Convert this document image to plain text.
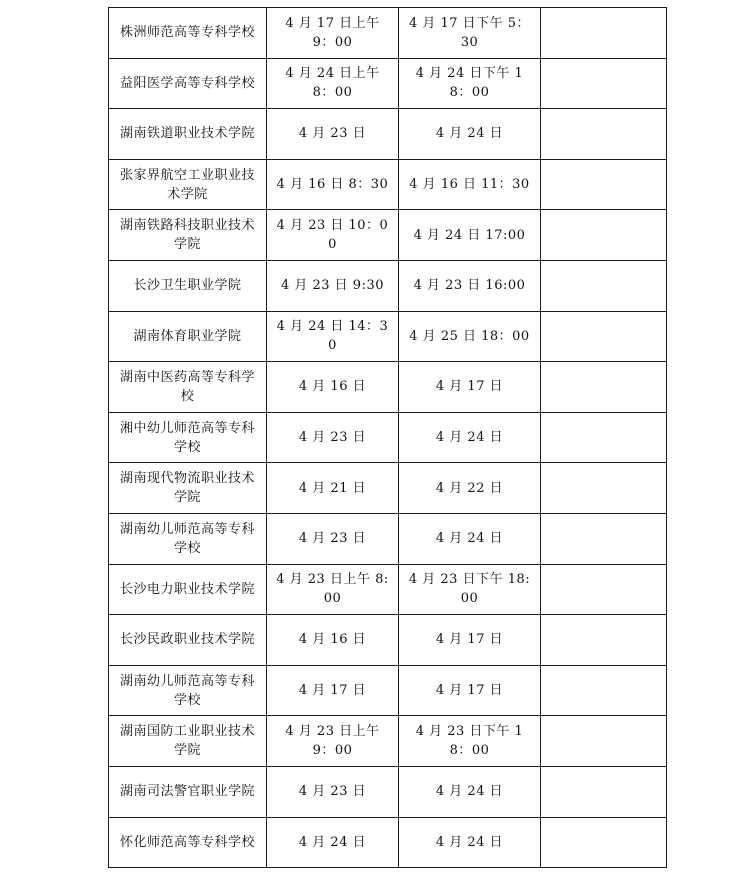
株洲师范高等专科学校	4 月 17 日上午 9：00	4 月 17 日下午 5：30	
益阳医学高等专科学校	4 月 24 日上午 8：00	4 月 24 日下午 18：00	
湖南铁道职业技术学院	4 月 23 日	4 月 24 日	
张家界航空工业职业技术学院	4 月 16 日 8：30	4 月 16 日 11：30	
湖南铁路科技职业技术学院	4 月 23 日 10：00	4 月 24 日 17:00	
长沙卫生职业学院	4 月 23 日 9:30	4 月 23 日 16:00	
湖南体育职业学院	4 月 24 日 14：30	4 月 25 日 18：00	
湖南中医药高等专科学校	4 月 16 日	4 月 17 日	
湘中幼儿师范高等专科学校	4 月 23 日	4 月 24 日	
湖南现代物流职业技术学院	4 月 21 日	4 月 22 日	
湖南幼儿师范高等专科学校	4 月 23 日	4 月 24 日	
长沙电力职业技术学院	4 月 23 日上午 8:00	4 月 23 日下午 18:00	
长沙民政职业技术学院	4 月 16 日	4 月 17 日	
湖南幼儿师范高等专科学校	4 月 17 日	4 月 17 日	
湖南国防工业职业技术学院	4 月 23 日上午 9：00	4 月 23 日下午 18：00	
湖南司法警官职业学院	4 月 23 日	4 月 24 日	
怀化师范高等专科学校	4 月 24 日	4 月 24 日	
